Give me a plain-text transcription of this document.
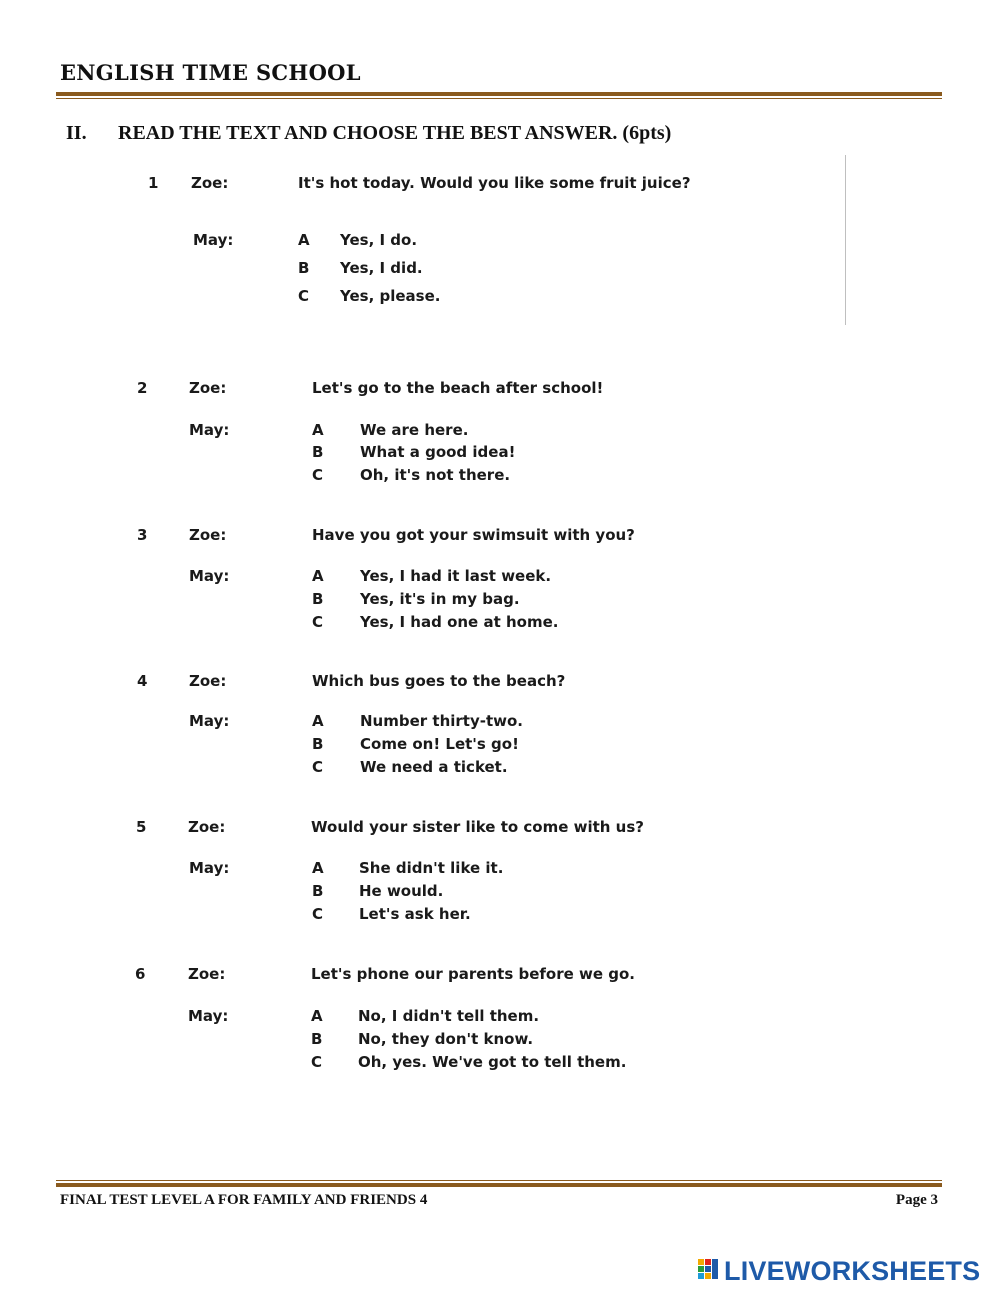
ENGLISH TIME SCHOOL
II. READ THE TEXT AND CHOOSE THE BEST ANSWER. (6pts)
1 Zoe:	It's hot today. Would you like some fruit juice?
May:	A Yes, I do.
B Yes, I did.
C Yes, please.
2	Zoe:	Let's go to the beach after school!
May:	A We are here.
B What a good idea!
C Oh, it's not there.
3	Zoe:	Have you got your swimsuit with you?
May:	A Yes, I had it last week.
B Yes, it's in my bag.
C Yes, I had one at home.
4	Zoe:	Which bus goes to the beach?
May:	A Number thirty-two.
B Come on! Let's go!
C We need a ticket.
5	Zoe:	Would your sister like to come with us?
May:	A She didn't like it.
B He would.
C Let's ask her.
6	Zoe:	Let's phone our parents before we go.
May:	A No, I didn't tell them.
B No, they don't know.
C Oh, yes. We've got to tell them.
FINAL TEST LEVEL A FOR FAMILY AND FRIENDS 4	Page 3
LIVEWORKSHEETS
